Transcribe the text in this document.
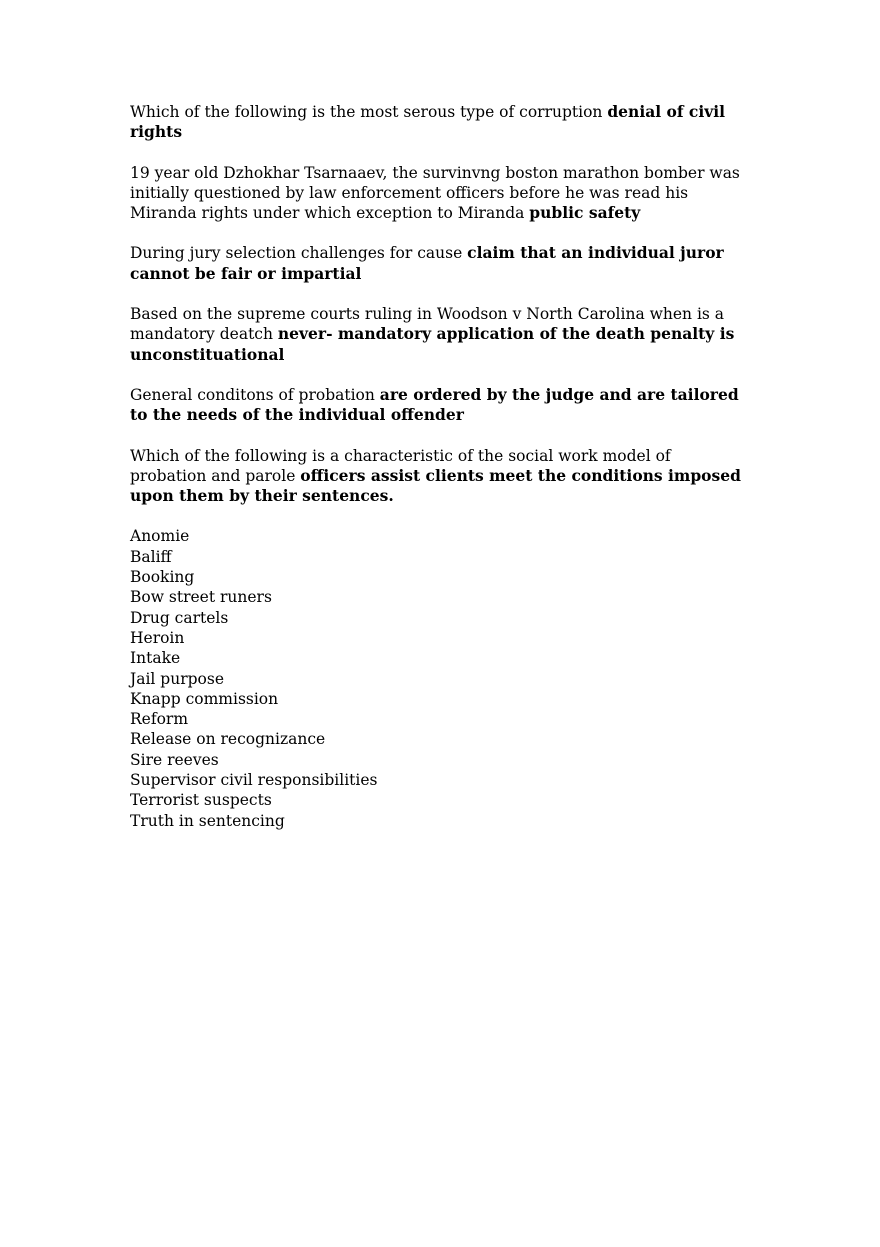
Which of the following is the most serous type of corruption denial of civil rights

19 year old Dzhokhar Tsarnaaev, the survinvng boston marathon bomber was initially questioned by law enforcement officers before he was read his Miranda rights under which exception to Miranda public safety

During jury selection challenges for cause claim that an individual juror cannot be fair or impartial

Based on the supreme courts ruling in Woodson v North Carolina when is a mandatory deatch never- mandatory application of the death penalty is unconstituational

General conditons of probation are ordered by the judge and are tailored to the needs of the individual offender

Which of the following is a characteristic of the social work model of probation and parole officers assist clients meet the conditions imposed upon them by their sentences.

Anomie
Baliff
Booking
Bow street runers
Drug cartels
Heroin
Intake
Jail purpose
Knapp commission
Reform
Release on recognizance
Sire reeves
Supervisor civil responsibilities
Terrorist suspects
Truth in sentencing
